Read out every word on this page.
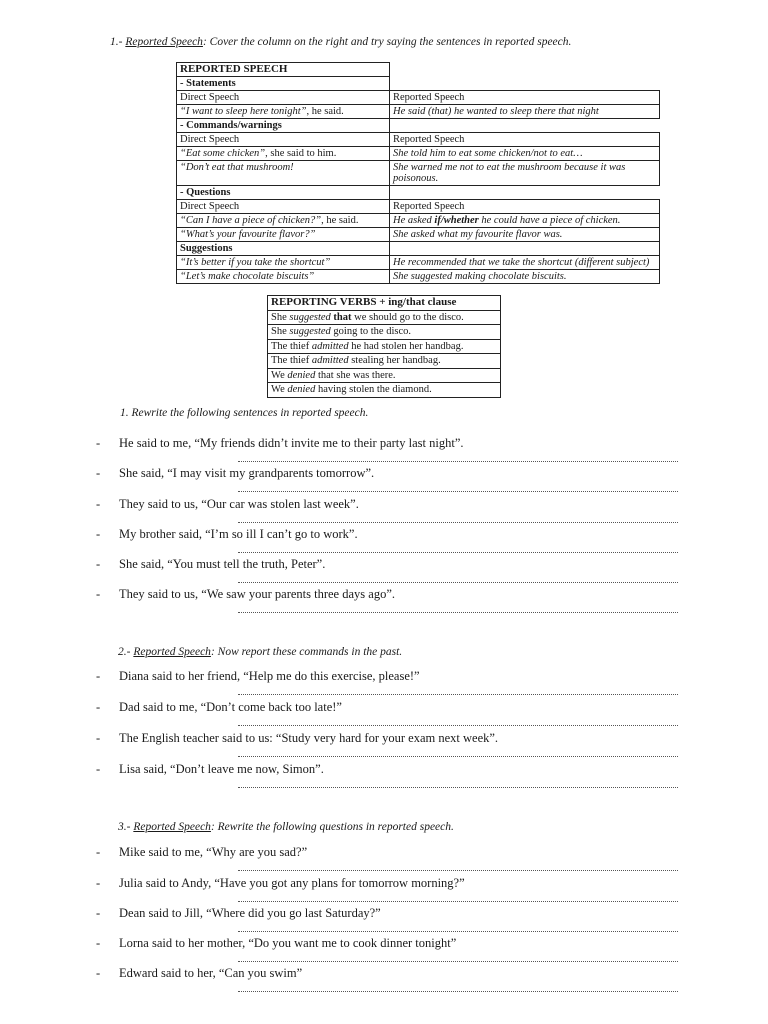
1.- Reported Speech: Cover the column on the right and try saying the sentences in reported speech.
REPORTED SPEECH	
- Statements	
Direct Speech	Reported Speech
“I want to sleep here tonight”, he said.	He said (that) he wanted to sleep there that night
- Commands/warnings	
Direct Speech	Reported Speech
“Eat some chicken”, she said to him.	She told him to eat some chicken/not to eat…
“Don’t eat that mushroom!	She warned me not to eat the mushroom because it was poisonous.
- Questions	
Direct Speech	Reported Speech
“Can I have a piece of chicken?”, he said.	He asked if/whether he could have a piece of chicken.
“What’s your favourite flavor?”	She asked what my favourite flavor was.
Suggestions	
“It’s better if you take the shortcut”	He recommended that we take the shortcut (different subject)
“Let’s make chocolate biscuits”	She suggested making chocolate biscuits.
REPORTING VERBS + ing/that clause
She suggested that we should go to the disco.
She suggested going to the disco.
The thief admitted he had stolen her handbag.
The thief admitted stealing her handbag.
We denied that she was there.
We denied having stolen the diamond.
1. Rewrite the following sentences in reported speech.
- He said to me, “My friends didn’t invite me to their party last night”.
- She said, “I may visit my grandparents tomorrow”.
- They said to us, “Our car was stolen last week”.
- My brother said, “I’m so ill I can’t go to work”.
- She said, “You must tell the truth, Peter”.
- They said to us, “We saw your parents three days ago”.
2.- Reported Speech: Now report these commands in the past.
- Diana said to her friend, “Help me do this exercise, please!”
- Dad said to me, “Don’t come back too late!”
- The English teacher said to us: “Study very hard for your exam next week”.
- Lisa said, “Don’t leave me now, Simon”.
3.- Reported Speech: Rewrite the following questions in reported speech.
- Mike said to me, “Why are you sad?”
- Julia said to Andy, “Have you got any plans for tomorrow morning?”
- Dean said to Jill, “Where did you go last Saturday?”
- Lorna said to her mother, “Do you want me to cook dinner tonight”
- Edward said to her, “Can you swim”
